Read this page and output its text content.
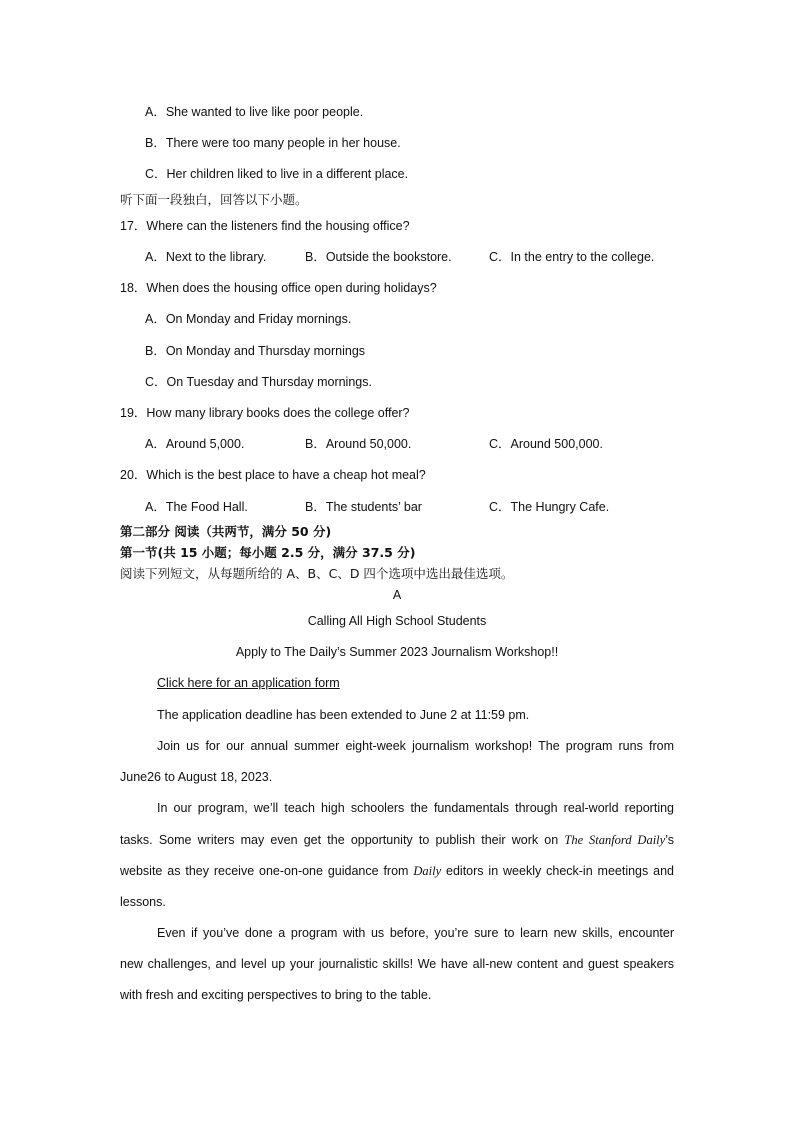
A．She wanted to live like poor people.
B．There were too many people in her house.
C．Her children liked to live in a different place.
听下面一段独白，回答以下小题。
17．Where can the listeners find the housing office?
A．Next to the library.	B．Outside the bookstore.	C．In the entry to the college.
18．When does the housing office open during holidays?
A．On Monday and Friday mornings.
B．On Monday and Thursday mornings
C．On Tuesday and Thursday mornings.
19．How many library books does the college offer?
A．Around 5,000.	B．Around 50,000.	C．Around 500,000.
20．Which is the best place to have a cheap hot meal?
A．The Food Hall.	B．The students’ bar	C．The Hungry Cafe.
第二部分 阅读（共两节，满分 50 分)
第一节(共 15 小题；每小题 2.5 分，满分 37.5 分)
阅读下列短文，从每题所给的 A、B、C、D 四个选项中选出最佳选项。
A
Calling All High School Students
Apply to The Daily’s Summer 2023 Journalism Workshop!!
Click here for an application form
The application deadline has been extended to June 2 at 11:59 pm.
Join us for our annual summer eight-week journalism workshop! The program runs from
June26 to August 18, 2023.
In our program, we’ll teach high schoolers the fundamentals through real-world reporting
tasks. Some writers may even get the opportunity to publish their work on The Stanford Daily’s
website as they receive one-on-one guidance from Daily editors in weekly check-in meetings and
lessons.
Even if you’ve done a program with us before, you’re sure to learn new skills, encounter
new challenges, and level up your journalistic skills! We have all-new content and guest speakers
with fresh and exciting perspectives to bring to the table.
